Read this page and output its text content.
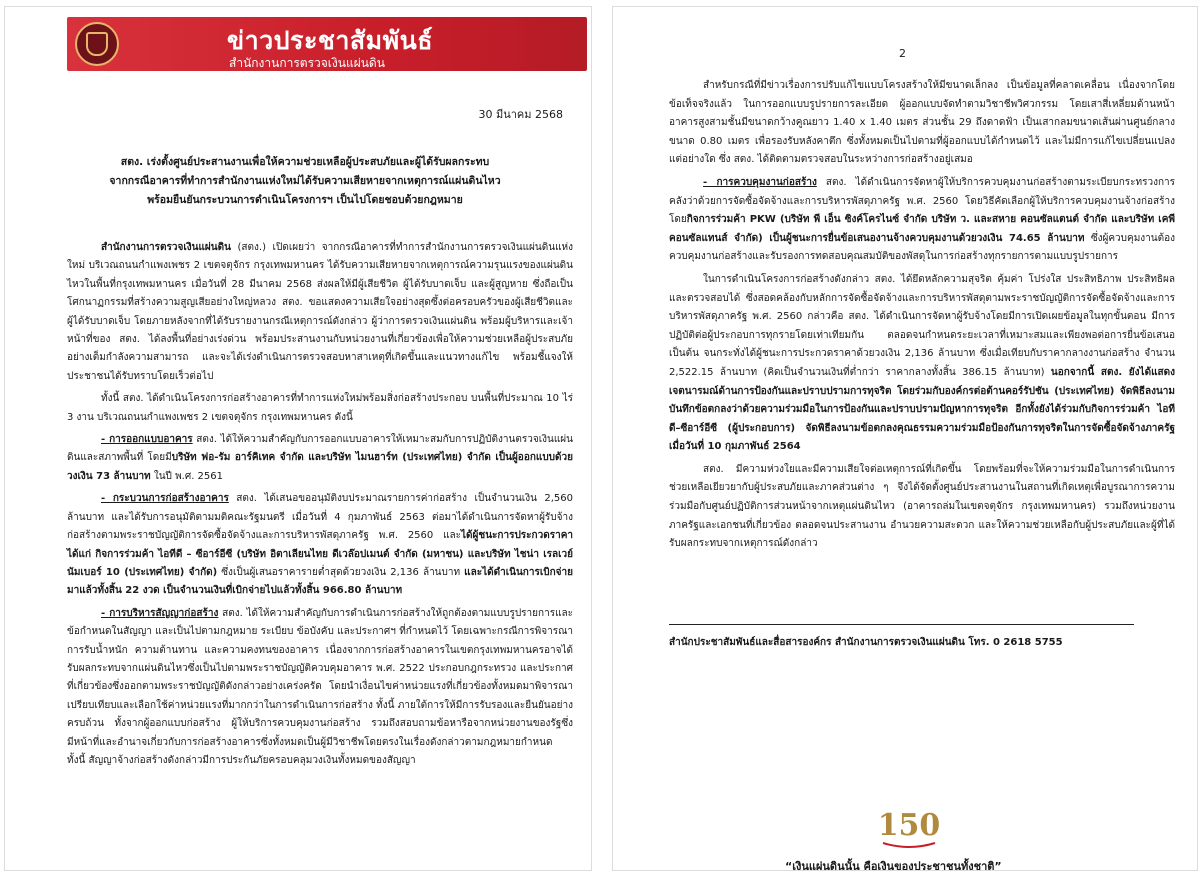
ข่าวประชาสัมพันธ์
สำนักงานการตรวจเงินแผ่นดิน
30 มีนาคม 2568
สตง. เร่งตั้งศูนย์ประสานงานเพื่อให้ความช่วยเหลือผู้ประสบภัยและผู้ได้รับผลกระทบ
จากกรณีอาคารที่ทำการสำนักงานแห่งใหม่ได้รับความเสียหายจากเหตุการณ์แผ่นดินไหว
พร้อมยืนยันกระบวนการดำเนินโครงการฯ เป็นไปโดยชอบด้วยกฎหมาย

สำนักงานการตรวจเงินแผ่นดิน (สตง.) เปิดเผยว่า จากกรณีอาคารที่ทำการสำนักงานการตรวจเงินแผ่นดินแห่งใหม่ บริเวณถนนกำแพงเพชร 2 เขตจตุจักร กรุงเทพมหานคร ได้รับความเสียหายจากเหตุการณ์ความรุนแรงของแผ่นดินไหวในพื้นที่กรุงเทพมหานคร เมื่อวันที่ 28 มีนาคม 2568 ส่งผลให้มีผู้เสียชีวิต ผู้ได้รับบาดเจ็บ และผู้สูญหาย ซึ่งถือเป็นโศกนาฏกรรมที่สร้างความสูญเสียอย่างใหญ่หลวง สตง. ขอแสดงความเสียใจอย่างสุดซึ้งต่อครอบครัวของผู้เสียชีวิตและผู้ได้รับบาดเจ็บ โดยภายหลังจากที่ได้รับรายงานกรณีเหตุการณ์ดังกล่าว ผู้ว่าการตรวจเงินแผ่นดิน พร้อมผู้บริหารและเจ้าหน้าที่ของ สตง. ได้ลงพื้นที่อย่างเร่งด่วน พร้อมประสานงานกับหน่วยงานที่เกี่ยวข้องเพื่อให้ความช่วยเหลือผู้ประสบภัยอย่างเต็มกำลังความสามารถ และจะได้เร่งดำเนินการตรวจสอบหาสาเหตุที่เกิดขึ้นและแนวทางแก้ไข พร้อมชี้แจงให้ประชาชนได้รับทราบโดยเร็วต่อไป

ทั้งนี้ สตง. ได้ดำเนินโครงการก่อสร้างอาคารที่ทำการแห่งใหม่พร้อมสิ่งก่อสร้างประกอบ บนพื้นที่ประมาณ 10 ไร่ 3 งาน บริเวณถนนกำแพงเพชร 2 เขตจตุจักร กรุงเทพมหานคร ดังนี้

- การออกแบบอาคาร สตง. ได้ให้ความสำคัญกับการออกแบบอาคารให้เหมาะสมกับการปฏิบัติงานตรวจเงินแผ่นดินและสภาพพื้นที่ โดยมีบริษัท ฟอ-รัม อาร์คิเทค จำกัด และบริษัท ไมนฮาร์ท (ประเทศไทย) จำกัด เป็นผู้ออกแบบด้วยวงเงิน 73 ล้านบาท ในปี พ.ศ. 2561

- กระบวนการก่อสร้างอาคาร สตง. ได้เสนอขออนุมัติงบประมาณรายการค่าก่อสร้าง เป็นจำนวนเงิน 2,560 ล้านบาท และได้รับการอนุมัติตามมติคณะรัฐมนตรี เมื่อวันที่ 4 กุมภาพันธ์ 2563 ต่อมาได้ดำเนินการจัดหาผู้รับจ้างก่อสร้างตามพระราชบัญญัติการจัดซื้อจัดจ้างและการบริหารพัสดุภาครัฐ พ.ศ. 2560 และได้ผู้ชนะการประกวดราคา ได้แก่ กิจการร่วมค้า ไอทีดี – ซีอาร์อีซี (บริษัท อิตาเลียนไทย ดีเวล๊อปเมนต์ จำกัด (มหาชน) และบริษัท ไชน่า เรลเวย์ นัมเบอร์ 10 (ประเทศไทย) จำกัด) ซึ่งเป็นผู้เสนอราคารายต่ำสุดด้วยวงเงิน 2,136 ล้านบาท และได้ดำเนินการเบิกจ่ายมาแล้วทั้งสิ้น 22 งวด เป็นจำนวนเงินที่เบิกจ่ายไปแล้วทั้งสิ้น 966.80 ล้านบาท

- การบริหารสัญญาก่อสร้าง สตง. ได้ให้ความสำคัญกับการดำเนินการก่อสร้างให้ถูกต้องตามแบบรูปรายการและข้อกำหนดในสัญญา และเป็นไปตามกฎหมาย ระเบียบ ข้อบังคับ และประกาศฯ ที่กำหนดไว้ โดยเฉพาะกรณีการพิจารณาการรับน้ำหนัก ความต้านทาน และความคงทนของอาคาร เนื่องจากการก่อสร้างอาคารในเขตกรุงเทพมหานครอาจได้รับผลกระทบจากแผ่นดินไหวซึ่งเป็นไปตามพระราชบัญญัติควบคุมอาคาร พ.ศ. 2522 ประกอบกฎกระทรวง และประกาศที่เกี่ยวข้องซึ่งออกตามพระราชบัญญัติดังกล่าวอย่างเคร่งครัด โดยนำเงื่อนไขค่าหน่วยแรงที่เกี่ยวข้องทั้งหมดมาพิจารณาเปรียบเทียบและเลือกใช้ค่าหน่วยแรงที่มากกว่าในการดำเนินการก่อสร้าง ทั้งนี้ ภายใต้การให้มีการรับรองและยืนยันอย่างครบถ้วน ทั้งจากผู้ออกแบบก่อสร้าง ผู้ให้บริการควบคุมงานก่อสร้าง รวมถึงสอบถามข้อหารือจากหน่วยงานของรัฐซึ่งมีหน้าที่และอำนาจเกี่ยวกับการก่อสร้างอาคารซึ่งทั้งหมดเป็นผู้มีวิชาชีพโดยตรงในเรื่องดังกล่าวตามกฎหมายกำหนด ทั้งนี้ สัญญาจ้างก่อสร้างดังกล่าวมีการประกันภัยครอบคลุมวงเงินทั้งหมดของสัญญา

2

สำหรับกรณีที่มีข่าวเรื่องการปรับแก้ไขแบบโครงสร้างให้มีขนาดเล็กลง เป็นข้อมูลที่คลาดเคลื่อน เนื่องจากโดยข้อเท็จจริงแล้ว ในการออกแบบรูปรายการละเอียด ผู้ออกแบบจัดทำตามวิชาชีพวิศวกรรม โดยเสาสี่เหลี่ยมด้านหน้าอาคารสูงสามชั้นมีขนาดกว้างคูณยาว 1.40 x 1.40 เมตร ส่วนชั้น 29 ถึงดาดฟ้า เป็นเสากลมขนาดเส้นผ่านศูนย์กลางขนาด 0.80 เมตร เพื่อรองรับหลังคาตึก ซึ่งทั้งหมดเป็นไปตามที่ผู้ออกแบบได้กำหนดไว้ และไม่มีการแก้ไขเปลี่ยนแปลงแต่อย่างใด ซึ่ง สตง. ได้ติดตามตรวจสอบในระหว่างการก่อสร้างอยู่เสมอ

- การควบคุมงานก่อสร้าง สตง. ได้ดำเนินการจัดหาผู้ให้บริการควบคุมงานก่อสร้างตามระเบียบกระทรวงการคลังว่าด้วยการจัดซื้อจัดจ้างและการบริหารพัสดุภาครัฐ พ.ศ. 2560 โดยวิธีคัดเลือกผู้ให้บริการควบคุมงานจ้างก่อสร้าง โดยกิจการร่วมค้า PKW (บริษัท พี เอ็น ซิงค์โครไนซ์ จำกัด บริษัท ว. และสหาย คอนซัลแตนต์ จำกัด และบริษัท เคพี คอนซัลแทนส์ จำกัด) เป็นผู้ชนะการยื่นข้อเสนองานจ้างควบคุมงานด้วยวงเงิน 74.65 ล้านบาท ซึ่งผู้ควบคุมงานต้องควบคุมงานก่อสร้างและรับรองการทดสอบคุณสมบัติของพัสดุในการก่อสร้างทุกรายการตามแบบรูปรายการ

ในการดำเนินโครงการก่อสร้างดังกล่าว สตง. ได้ยึดหลักความสุจริต คุ้มค่า โปร่งใส ประสิทธิภาพ ประสิทธิผล และตรวจสอบได้ ซึ่งสอดคล้องกับหลักการจัดซื้อจัดจ้างและการบริหารพัสดุตามพระราชบัญญัติการจัดซื้อจัดจ้างและการบริหารพัสดุภาครัฐ พ.ศ. 2560 กล่าวคือ สตง. ได้ดำเนินการจัดหาผู้รับจ้างโดยมีการเปิดเผยข้อมูลในทุกขั้นตอน มีการปฏิบัติต่อผู้ประกอบการทุกรายโดยเท่าเทียมกัน ตลอดจนกำหนดระยะเวลาที่เหมาะสมและเพียงพอต่อการยื่นข้อเสนอ เป็นต้น จนกระทั่งได้ผู้ชนะการประกวดราคาด้วยวงเงิน 2,136 ล้านบาท ซึ่งเมื่อเทียบกับราคากลางงานก่อสร้าง จำนวน 2,522.15 ล้านบาท (คิดเป็นจำนวนเงินที่ต่ำกว่า ราคากลางทั้งสิ้น 386.15 ล้านบาท) นอกจากนี้ สตง. ยังได้แสดงเจตนารมณ์ด้านการป้องกันและปราบปรามการทุจริต โดยร่วมกับองค์กรต่อต้านคอร์รัปชัน (ประเทศไทย) จัดพิธีลงนามบันทึกข้อตกลงว่าด้วยความร่วมมือในการป้องกันและปราบปรามปัญหาการทุจริต อีกทั้งยังได้ร่วมกับกิจการร่วมค้า ไอทีดี–ซีอาร์อีซี (ผู้ประกอบการ) จัดพิธีลงนามข้อตกลงคุณธรรมความร่วมมือป้องกันการทุจริตในการจัดซื้อจัดจ้างภาครัฐ เมื่อวันที่ 10 กุมภาพันธ์ 2564

สตง. มีความห่วงใยและมีความเสียใจต่อเหตุการณ์ที่เกิดขึ้น โดยพร้อมที่จะให้ความร่วมมือในการดำเนินการช่วยเหลือเยียวยากับผู้ประสบภัยและภาคส่วนต่าง ๆ จึงได้จัดตั้งศูนย์ประสานงานในสถานที่เกิดเหตุเพื่อบูรณาการความร่วมมือกับศูนย์ปฏิบัติการส่วนหน้าจากเหตุแผ่นดินไหว (อาคารถล่มในเขตจตุจักร กรุงเทพมหานคร) รวมถึงหน่วยงานภาครัฐและเอกชนที่เกี่ยวข้อง ตลอดจนประสานงาน อำนวยความสะดวก และให้ความช่วยเหลือกับผู้ประสบภัยและผู้ที่ได้รับผลกระทบจากเหตุการณ์ดังกล่าว

สำนักประชาสัมพันธ์และสื่อสารองค์กร สำนักงานการตรวจเงินแผ่นดิน โทร. 0 2618 5755
150
“เงินแผ่นดินนั้น คือเงินของประชาชนทั้งชาติ”
